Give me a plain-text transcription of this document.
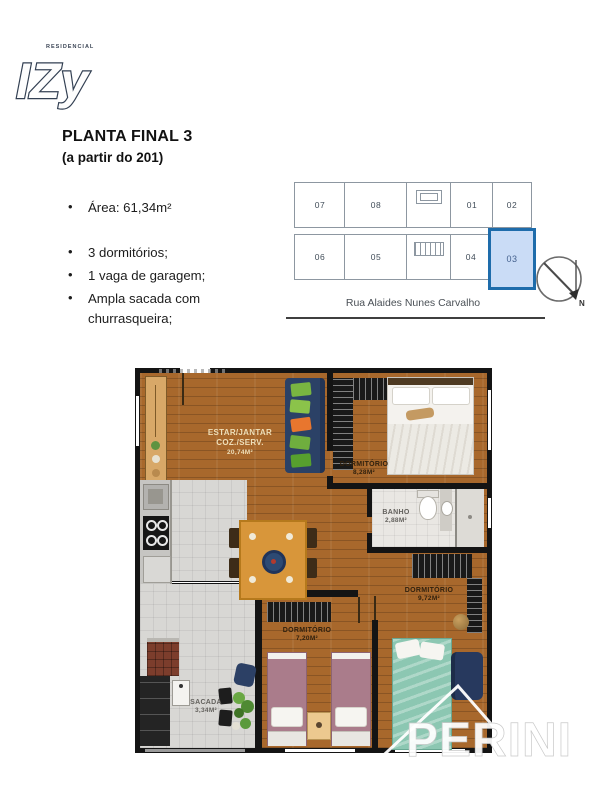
RESIDENCIAL
IZy
PLANTA FINAL 3
(a partir do 201)
• Área: 61,34m²
• 3 dormitórios;
• 1 vaga de garagem;
• Ampla sacada com churrasqueira;
07	08	01	02
06	05	04	03
Rua Alaides Nunes Carvalho	N
ESTAR/JANTAR
COZ./SERV.
20,74M²
DORMITÓRIO
8,28M²
BANHO
2,88M²
DORMITÓRIO
9,72M²
DORMITÓRIO
7,20M²
SACADA
3,34M²
PERINI
